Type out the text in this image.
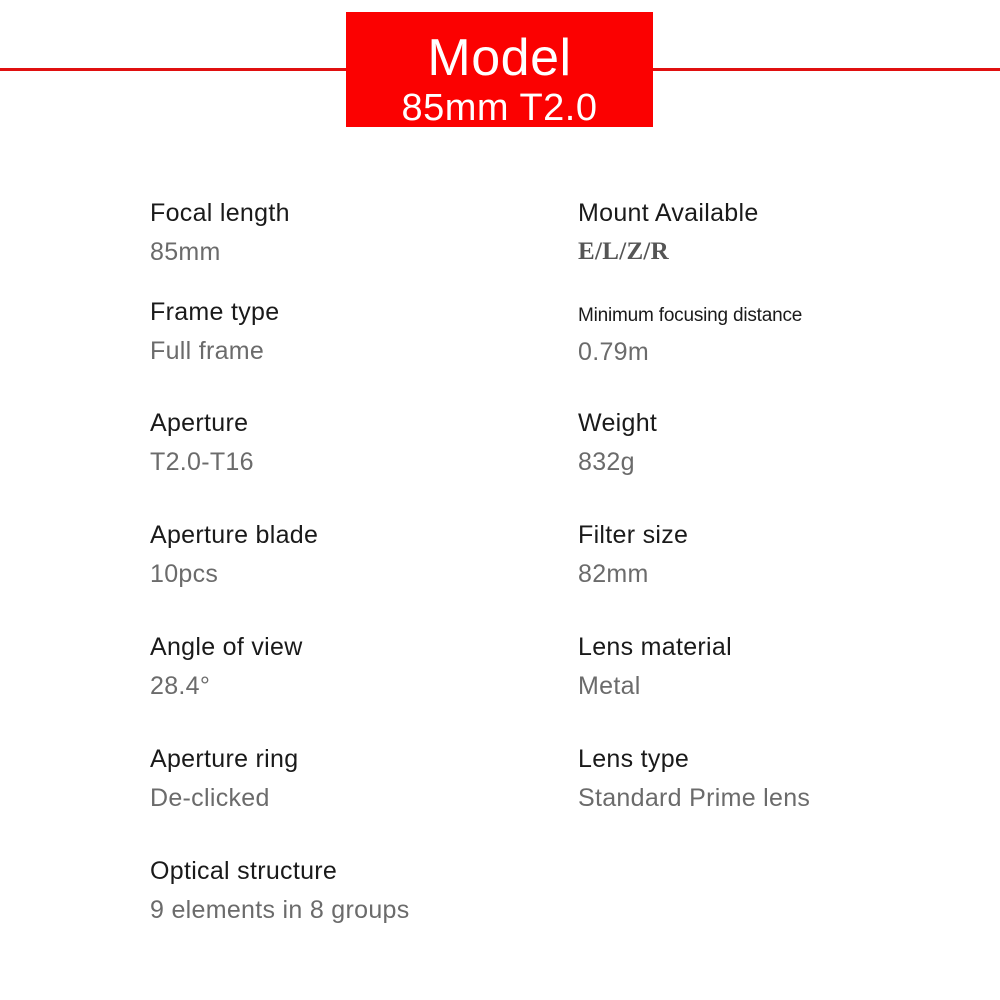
Model
85mm T2.0
Focal length
85mm
Frame type
Full frame
Aperture
T2.0-T16
Aperture blade
10pcs
Angle of view
28.4°
Aperture ring
De-clicked
Optical structure
9 elements in 8 groups
Mount Available
E/L/Z/R
Minimum focusing distance
0.79m
Weight
832g
Filter size
82mm
Lens material
Metal
Lens type
Standard Prime lens
